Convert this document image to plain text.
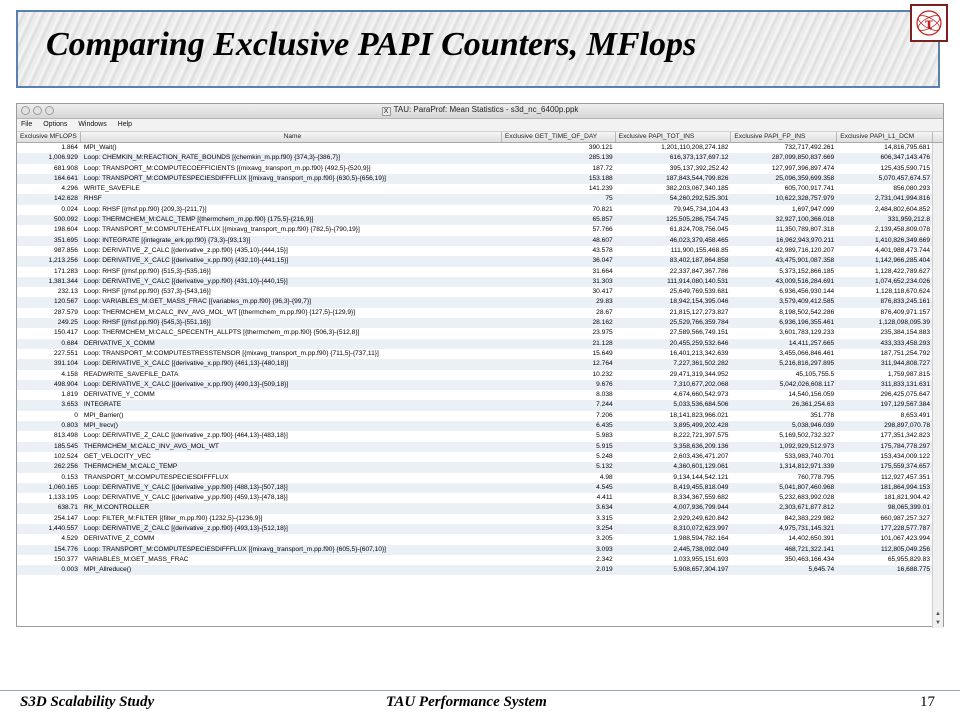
Comparing Exclusive PAPI Counters, MFlops
τ
X TAU: ParaProf: Mean Statistics - s3d_nc_6400p.ppk
File Options Windows Help
Exclusive MFLOPS	Name	Exclusive GET_TIME_OF_DAY	Exclusive PAPI_TOT_INS	Exclusive PAPI_FP_INS	Exclusive PAPI_L1_DCM
1.864 MPI_Wait()	390.121	1,201,110,208,274.182	732,717,492.261	14,816,795.681
1,006.929 Loop: CHEMKIN_M:REACTION_RATE_BOUNDS [{chemkin_m.pp.f90} {374,3}-{386,7}]	285.139	616,373,137,697.12	287,099,850,837.669	606,347,143.476
681.908 Loop: TRANSPORT_M:COMPUTECOEFFICIENTS [{mixavg_transport_m.pp.f90} {492,5}-{520,9}]	187.72	395,137,392,252.42	127,997,396,897.474	125,435,590.715
164.641 Loop: TRANSPORT_M:COMPUTESPECIESDIFFFLUX [{mixavg_transport_m.pp.f90} {630,5}-{656,19}]	153.188	187,843,544,799.826	25,096,359,699.358	5,070,457,674.57
4.296 WRITE_SAVEFILE	141.239	382,203,067,340.185	605,700,917.741	856,080.293
142.628 RHSF	75	54,260,292,525.301	10,622,328,757.979	2,731,041,994.816
0.024 Loop: RHSF [{rhsf.pp.f90} {209,3}-{211,7}]	70.821	79,945,734,104.43	1,697,947.099	2,484,802,604.852
500.092 Loop: THERMCHEM_M:CALC_TEMP [{thermchem_m.pp.f90} {175,5}-{216,9}]	65.857	125,505,286,754.745	32,927,100,366.018	331,959,212.8
198.604 Loop: TRANSPORT_M:COMPUTEHEATFLUX [{mixavg_transport_m.pp.f90} {782,5}-{790,19}]	57.766	61,824,708,756.045	11,350,789,807.318	2,139,458,809.078
351.695 Loop: INTEGRATE [{integrate_erk.pp.f90} {73,3}-{93,13}]	48.607	46,023,379,458.465	16,962,943,970.211	1,410,826,349.669
987.856 Loop: DERIVATIVE_Z_CALC [{derivative_z.pp.f90} {435,10}-{444,15}]	43.578	111,900,155,468.85	42,989,716,120.207	4,401,988,473.744
1,213.256 Loop: DERIVATIVE_X_CALC [{derivative_x.pp.f90} {432,10}-{441,15}]	36.047	83,402,187,864.858	43,475,901,087.358	1,142,966,285.404
171.283 Loop: RHSF [{rhsf.pp.f90} {515,3}-{535,16}]	31.664	22,337,847,367.786	5,373,152,866.185	1,128,422,789.627
1,381.344 Loop: DERIVATIVE_Y_CALC [{derivative_y.pp.f90} {431,10}-{440,15}]	31.303	111,914,080,140.531	43,009,516,284.691	1,074,652,234.026
232.13 Loop: RHSF [{rhsf.pp.f90} {537,3}-{543,16}]	30.417	25,649,769,539.681	6,936,456,930.144	1,128,118,670.624
120.567 Loop: VARIABLES_M:GET_MASS_FRAC [{variables_m.pp.f90} {96,3}-{99,7}]	29.83	18,942,154,395.046	3,579,409,412.585	876,833,245.161
287.579 Loop: THERMCHEM_M:CALC_INV_AVG_MOL_WT [{thermchem_m.pp.f90} {127,5}-{129,9}]	28.67	21,815,127,273.827	8,198,502,542.286	876,409,971.157
249.25 Loop: RHSF [{rhsf.pp.f90} {545,3}-{551,16}]	28.162	25,529,766,359.784	6,936,196,355.461	1,128,098,095.39
150.417 Loop: THERMCHEM_M:CALC_SPECENTH_ALLPTS [{thermchem_m.pp.f90} {506,3}-{512,8}]	23.975	27,589,566,749.151	3,601,783,129.233	235,384,154.883
0.684 DERIVATIVE_X_COMM	21.128	20,455,259,532.646	14,411,257.665	433,333,458.293
227.551 Loop: TRANSPORT_M:COMPUTESTRESSTENSOR [{mixavg_transport_m.pp.f90} {711,5}-{737,11}]	15.649	16,401,213,342.639	3,455,066,846.461	187,751,254.792
391.104 Loop: DERIVATIVE_X_CALC [{derivative_x.pp.f90} {461,13}-{480,18}]	12.764	7,227,361,502.282	5,216,816,297.895	311,944,808.727
4.158 READWRITE_SAVEFILE_DATA	10.232	29,471,319,344.952	45,105,755.5	1,759,987.815
498.904 Loop: DERIVATIVE_X_CALC [{derivative_x.pp.f90} {490,13}-{509,18}]	9.676	7,310,677,202.068	5,042,026,608.117	311,833,131.631
1.819 DERIVATIVE_Y_COMM	8.038	4,674,660,542.973	14,540,156.059	296,425,075.647
3.653 INTEGRATE	7.244	5,033,536,684.506	26,361,254.63	197,129,567.384
0 MPI_Barrier()	7.206	18,141,823,966.021	351.778	8,653.491
0.803 MPI_Irecv()	6.435	3,895,499,202.428	5,038,946.039	298,897,070.78
813.498 Loop: DERIVATIVE_Z_CALC [{derivative_z.pp.f90} {464,13}-{483,18}]	5.983	8,222,721,397.575	5,169,502,732.327	177,351,342.823
185.545 THERMCHEM_M:CALC_INV_AVG_MOL_WT	5.915	3,358,636,209.136	1,092,929,512.973	175,784,778.297
102.524 GET_VELOCITY_VEC	5.248	2,603,436,471.207	533,983,740.701	153,434,009.122
262.256 THERMCHEM_M:CALC_TEMP	5.132	4,360,601,129.061	1,314,812,971.339	175,559,374.657
0.153 TRANSPORT_M:COMPUTESPECIESDIFFFLUX	4.98	9,134,144,542.121	760,778.795	112,927,457.351
1,060.165 Loop: DERIVATIVE_Y_CALC [{derivative_y.pp.f90} {488,13}-{507,18}]	4.545	8,419,455,818.049	5,041,807,460.968	181,864,994.153
1,133.195 Loop: DERIVATIVE_Y_CALC [{derivative_y.pp.f90} {459,13}-{478,18}]	4.411	8,334,367,559.682	5,232,683,992.028	181,821,904.42
638.71 RK_M:CONTROLLER	3.634	4,007,936,799.944	2,303,671,877.812	98,065,399.01
254.147 Loop: FILTER_M:FILTER [{filter_m.pp.f90} {1232,5}-{1236,9}]	3.315	2,929,249,620.842	842,383,229.982	660,987,257.327
1,440.557 Loop: DERIVATIVE_Z_CALC [{derivative_z.pp.f90} {493,13}-{512,18}]	3.254	8,310,072,623.997	4,975,731,145.321	177,228,577.787
4.529 DERIVATIVE_Z_COMM	3.205	1,988,594,782.164	14,402,650.391	101,067,423.994
154.776 Loop: TRANSPORT_M:COMPUTESPECIESDIFFFLUX [{mixavg_transport_m.pp.f90} {605,5}-{607,10}]	3.093	2,445,738,092.049	468,721,322.141	112,805,049.256
150.377 VARIABLES_M:GET_MASS_FRAC	2.342	1,033,955,151.693	350,463,166.434	65,955,829.83
0.003 MPI_Allreduce()	2.019	5,908,657,304.197	5,645.74	16,688.775
▲
▼
S3D Scalability Study	TAU Performance System	17
